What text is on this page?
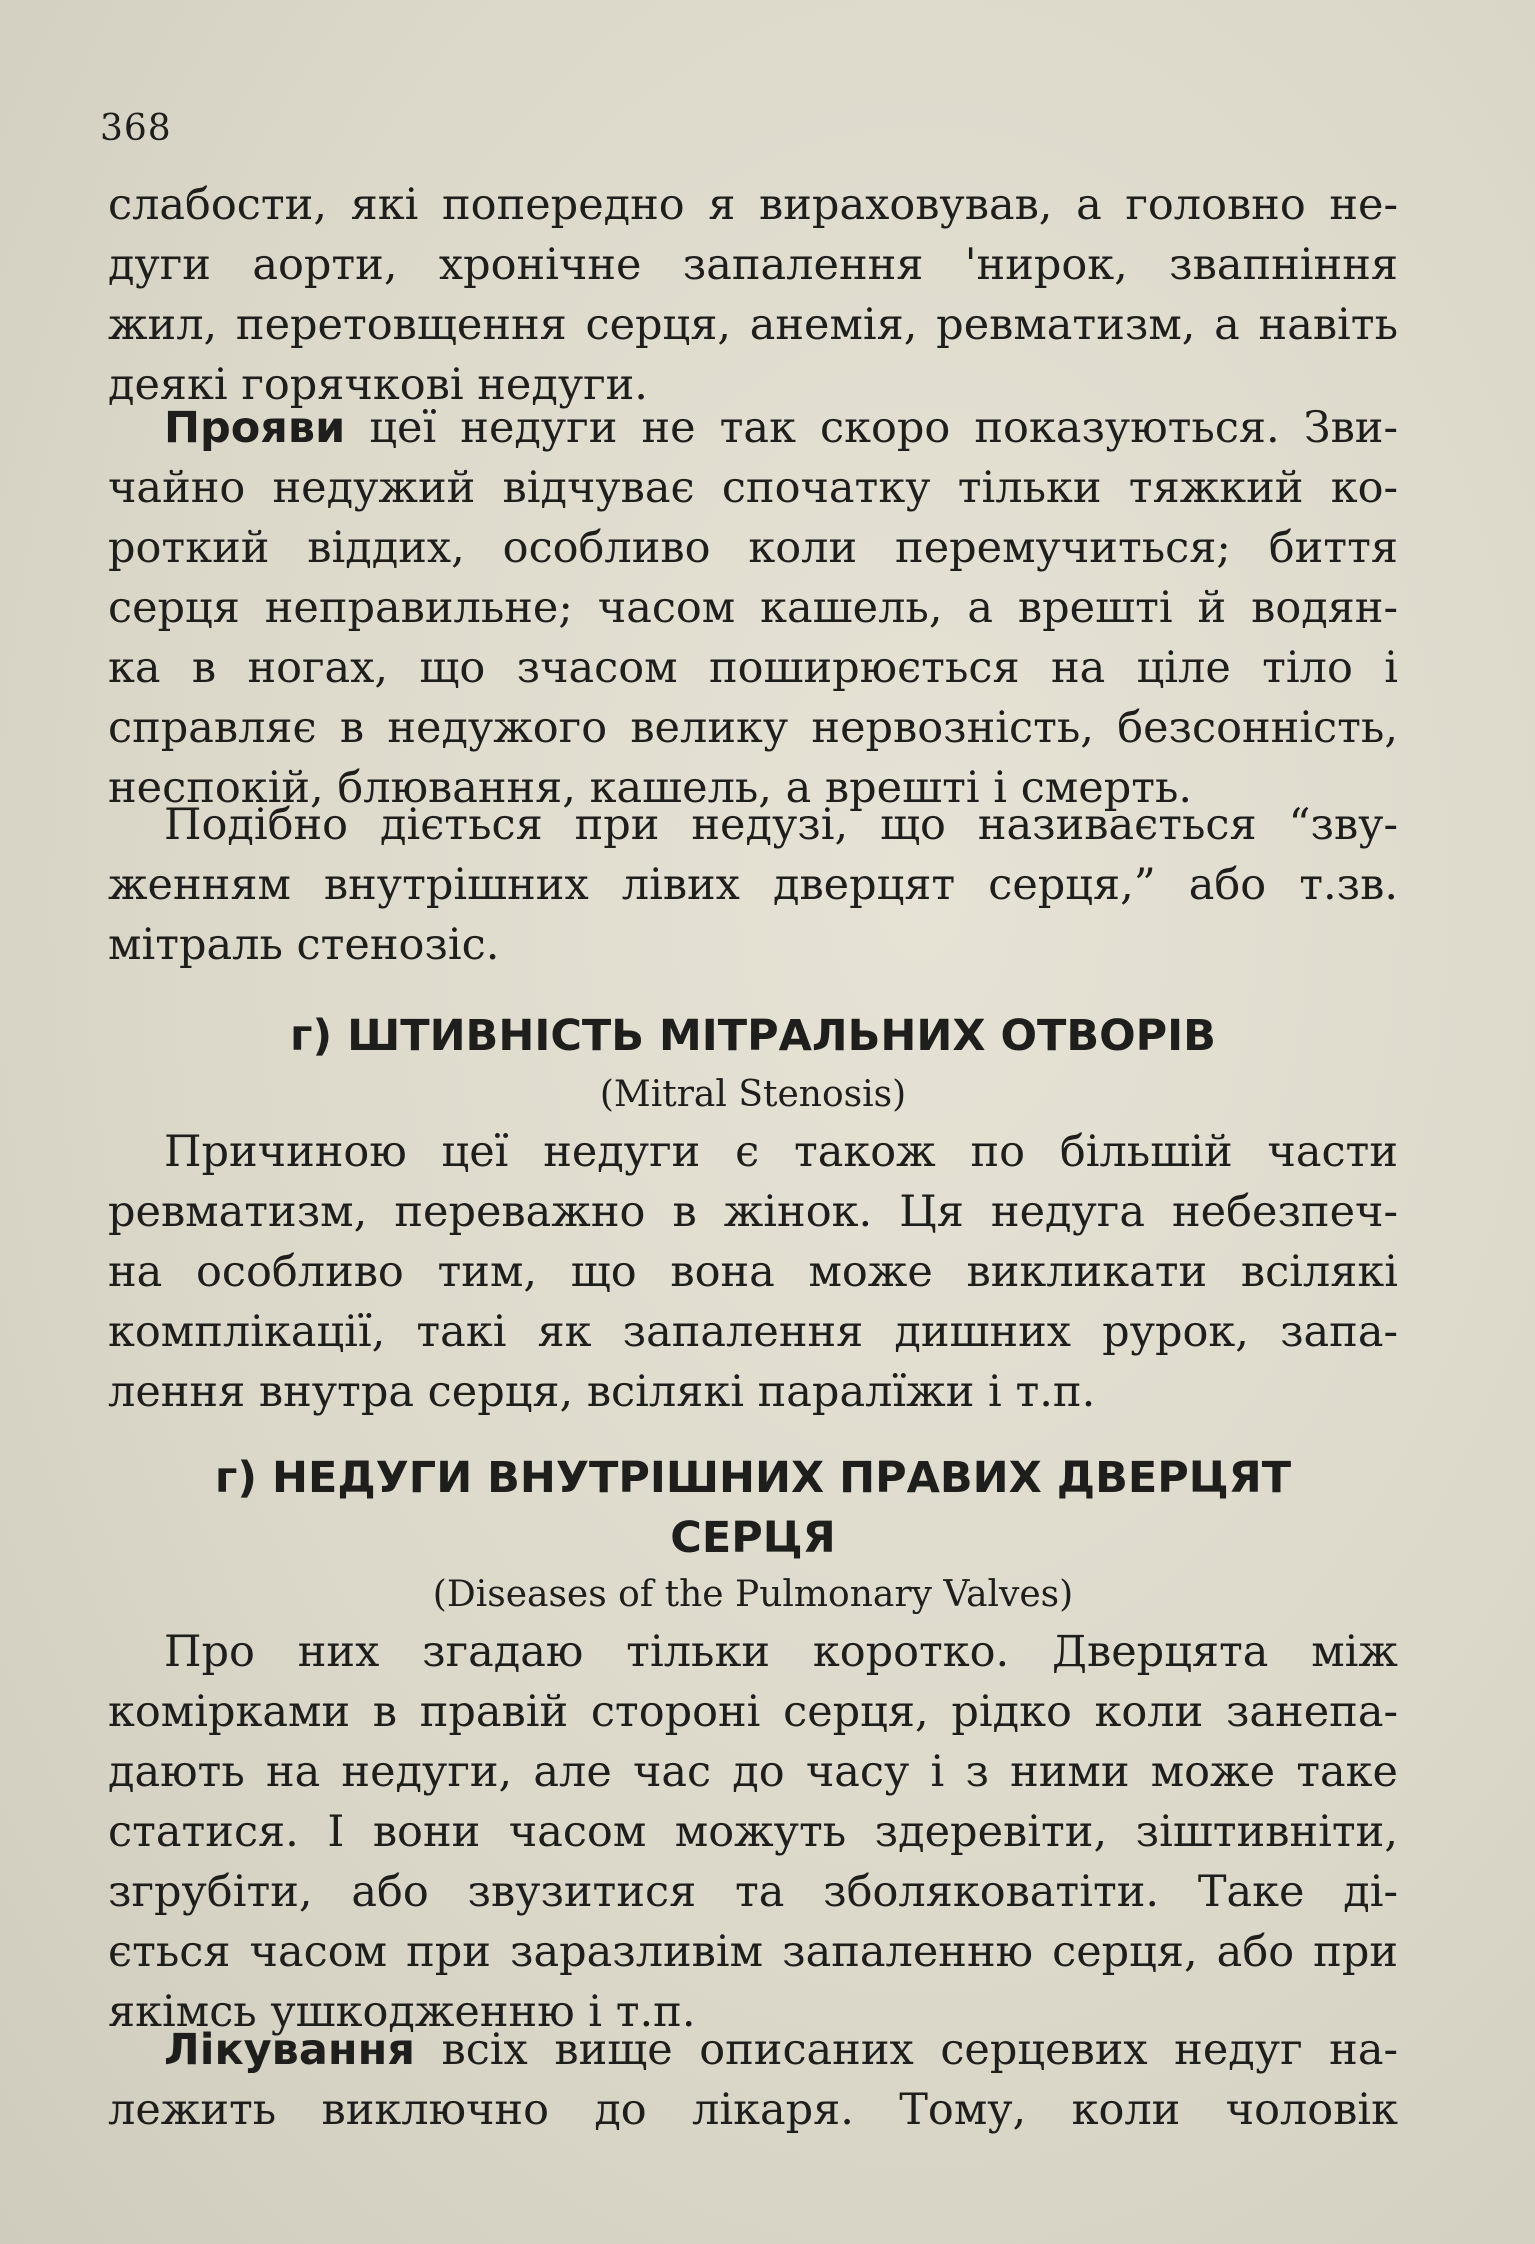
368
слабости, які попередно я вираховував, а головно не-
дуги аорти, хронічне запалення 'нирок, звапніння
жил, перетовщення серця, анемія, ревматизм, а навіть
деякі горячкові недуги.
Прояви цеї недуги не так скоро показуються. Зви-
чайно недужий відчуває спочатку тільки тяжкий ко-
роткий віддих, особливо коли перемучиться; биття
серця неправильне; часом кашель, а врешті й водян-
ка в ногах, що зчасом поширюється на ціле тіло і
справляє в недужого велику нервозність, безсонність,
неспокій, блювання, кашель, а врешті і смерть.
Подібно діється при недузі, що називається “зву-
женням внутрішних лівих дверцят серця,” або т.зв.
мітраль стенозіс.
г) ШТИВНІСТЬ МІТРАЛЬНИХ ОТВОРІВ
(Mitral Stenosis)
Причиною цеї недуги є також по більшій части
ревматизм, переважно в жінок. Ця недуга небезпеч-
на особливо тим, що вона може викликати всілякі
комплікації, такі як запалення дишних рурок, запа-
лення внутра серця, всілякі паралїжи і т.п.
г) НЕДУГИ ВНУТРІШНИХ ПРАВИХ ДВЕРЦЯТ
СЕРЦЯ
(Diseases of the Pulmonary Valves)
Про них згадаю тільки коротко. Дверцята між
комірками в правій стороні серця, рідко коли занепа-
дають на недуги, але час до часу і з ними може таке
статися. І вони часом можуть здеревіти, зіштивніти,
згрубіти, або звузитися та зболяковатіти. Таке ді-
ється часом при заразливім запаленню серця, або при
якімсь ушкодженню і т.п.
Лікування всіх вище описаних серцевих недуг на-
лежить виключно до лікаря. Тому, коли чоловік
